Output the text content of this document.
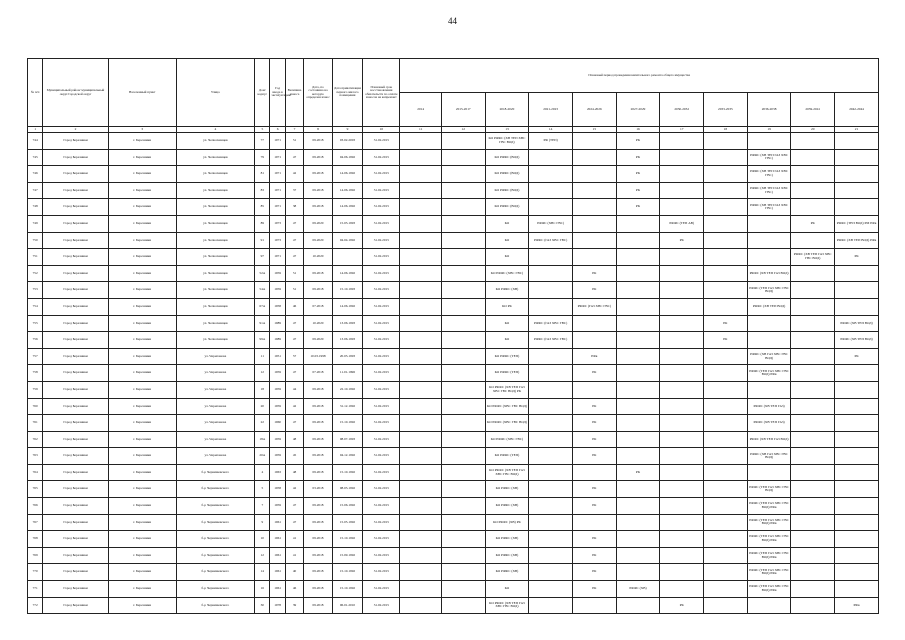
44
№ п/п	Муниципальный район/ муниципальный округ/городской округ	Населенный пункт	Улица	Дом/ корпус	Год ввода в эксплуатацию	Величина износа	Дата, по состоянию на которую определен износ	Дата приватизации первого жилого помещения	Плановый срок восстановления обязательств по оплате взносов на капремонт	Плановый период проведения капитального ремонта общего имущества										
										2014	2015-2017	2018-2020	2021-2023	2024-2026	2027-2029	2030-2032	2033-2035	2036-2038	2039-2041	2042-2044
1	2	3	4	5	6	7	8	9	10	11	12	13	14	15	16	17	18	19	20	21
744	Город Березники	г. Березники	ул. Челюскинцев	77	1971	51	09.2018	03.02.2003	31.02.2015			КО РФФС (ХВ ТЕП ХВС ГВС ВОД)	РФ (ТЕП)		РК					
745	Город Березники	г. Березники	ул. Челюскинцев	79	1971	47	09.2018	04.06.1992	31.02.2015			КО РФФС (ВОД)			РК			РФФС (ХВ ТЕП ГАЗ ХВС ГВС)		
746	Город Березники	г. Березники	ул. Челюскинцев	81	1971	42	09.2018	14.06.1992	31.02.2015			КО РФФС (ВОД)			РК			РФФС (ХВ ТЕП ГАЗ ХВС ГВС)		
747	Город Березники	г. Березники	ул. Челюскинцев	83	1971	37	09.2018	14.06.1992	31.02.2015			КО РФФС (ВОД)			РК			РФФС (ХВ ТЕП ГАЗ ХВС ГВС)		
748	Город Березники	г. Березники	ул. Челюскинцев	85	1971	38	09.2018	14.06.1992	31.02.2015			КО РФФС (ВОД)			РК			РФФС (ХВ ТЕП ГАЗ ХВС ГВС)		
749	Город Березники	г. Березники	ул. Челюскинцев	89	1973	47	09.2020	15.03.1993	31.02.2015			КО	РФФС (ХВС ГВС)			РФФС (ТЕП АВ)			РК	РФФС (ТЕП ВОД) РМ РФв
750	Город Березники	г. Березники	ул. Челюскинцев	91	1973	47	09.2020	04.04.1992	31.02.2015			КО	РФФС (ГАЗ ХВС ГВС)			РК				РФФС (ХВ ТЕП ВОД) РФв
751	Город Березники	г. Березники	ул. Челюскинцев	97	1971	47	10.2020		31.02.2015			КО							РФФС (ХВ ТЕП ГАЗ ХВС ГВС ВОД)	РК
752	Город Березники	г. Березники	ул. Челюскинцев	52А	1959	51	09.2018	14.06.1992	31.02.2015			КО РФФС (ХВС ГВС)		РК				РФФС (ХВ ТЕП ГАЗ ВОД)		
753	Город Березники	г. Березники	ул. Челюскинцев	54А	1959	51	09.2018	15.10.1993	31.02.2015			КО РФФС (ХВ)		РК				РФФС (ТЕП ГАЗ ХВС ГВС ВОД)		
754	Город Березники	г. Березники	ул. Челюскинцев	67А	1958	46	07.2018	14.06.1992	31.02.2015			КО РК		РФФС (ГАЗ ХВС ГВС)				РФФС (ХВ ТЕП ВОД)		
755	Город Березники	г. Березники	ул. Челюскинцев	91А	1989	47	10.2020	13.06.1993	31.02.2015			КО	РФФС (ГАЗ ХВС ГВС)				РК			РФФС (ХВ ТЕП ВОД)
756	Город Березники	г. Березники	ул. Челюскинцев	99А	1989	47	09.2020	13.06.1993	31.02.2015			КО	РФФС (ГАЗ ХВС ГВС)				РК			РФФС (ХВ ТЕП ВОД)
757	Город Березники	г. Березники	ул. Черепанова	11	1951	57	10.03.1998	20.03.1993	31.02.2015			КО РФФС (ТЕП)		РФв				РФФС (ХВ ГАЗ ХВС ГВС ВОД)		РК
758	Город Березники	г. Березники	ул. Черепанова	12	1959	47	07.2018	11.01.1996	31.02.2015			КО РФФС (ТЕП)		РК				РФФС (ТЕП ГАЗ ХВС ГВС ВОД) РФв		
759	Город Березники	г. Березники	ул. Черепанова	18	1959	44	09.2018	22.10.1992	31.02.2015			КО РФФС (ХВ ТЕП ГАЗ ХВС ГВС ВОД) РК								
760	Город Березники	г. Березники	ул. Черепанова	20	1959	42	09.2018	31.12.1992	31.02.2015			КО РФФС (ХВС ГВС ВОД)		РК				РФФС (ХВ ТЕП ГАЗ)		
761	Город Березники	г. Березники	ул. Черепанова	22	1960	47	09.2018	15.10.1992	31.02.2015			КО РФФС (ХВС ГВС ВОД)		РК				РФФС (ХВ ТЕП ГАЗ)		
762	Город Березники	г. Березники	ул. Черепанова	18А	1959	48	09.2018	08.07.1993	31.02.2015			КО РФФС (ХВС ГВС)		РК				РФФС (ХВ ТЕП ГАЗ ВОД)		
763	Город Березники	г. Березники	ул. Черепанова	20А	1959	45	09.2018	04.12.1992	31.02.2015			КО РФФС (ТЕП)		РК				РФФС (ХВ ГАЗ ХВС ГВС ВОД)		
764	Город Березники	г. Березники	б-р Червишевского	4	1963	48	09.2018	15.10.1992	31.02.2015			КО РФФС (ХВ ТЕП ГАЗ ХВС ГВС ВОД)			РК					
765	Город Березники	г. Березники	б-р Червишевского	5	1958	42	03.2018	08.03.1992	31.02.2015			КО РФФС (ХВ)		РК				РФФС (ТЕП ГАЗ ХВС ГВС ВОД)		
766	Город Березники	г. Березники	б-р Червишевского	7	1959	47	09.2018	15.06.1992	31.02.2015			КО РФФС (ХВ)		РК				РФФС (ТЕП ГАЗ ХВС ГВС ВОД) РФв		
767	Город Березники	г. Березники	б-р Червишевского	9	1961	47	09.2018	15.05.1992	31.02.2015			КО РФФС (ХВ) РК						РФФС (ТЕП ГАЗ ХВС ГВС ВОД) РФв		
768	Город Березники	г. Березники	б-р Червишевского	10	1961	41	09.2018	15.10.1992	31.02.2015			КО РФФС (ХВ)		РК				РФФС (ТЕП ГАЗ ХВС ГВС ВОД) РФв		
769	Город Березники	г. Березники	б-р Червишевского	12	1961	41	09.2018	15.09.1992	31.02.2015			КО РФФС (ХВ)		РК				РФФС (ТЕП ГАЗ ХВС ГВС ВОД) РФв		
770	Город Березники	г. Березники	б-р Червишевского	14	1961	40	09.2018	15.10.1992	31.02.2015			КО РФФС (ХВ)		РК				РФФС (ТЕП ГАЗ ХВС ГВС ВОД) РФв		
771	Город Березники	г. Березники	б-р Червишевского	16	1961	46	09.2018	15.10.1992	31.02.2015			КО		РК	РФФС (ХВ)			РФФС (ТЕП ГАЗ ХВС ГВС ВОД) РФв		
772	Город Березники	г. Березники	б-р Червишевского	30	1978	39	09.2018	06.01.2010	31.02.2015			КО РФФС (ХВ ТЕП ГАЗ ХВС ГВС ВОД)				РК				РФв
